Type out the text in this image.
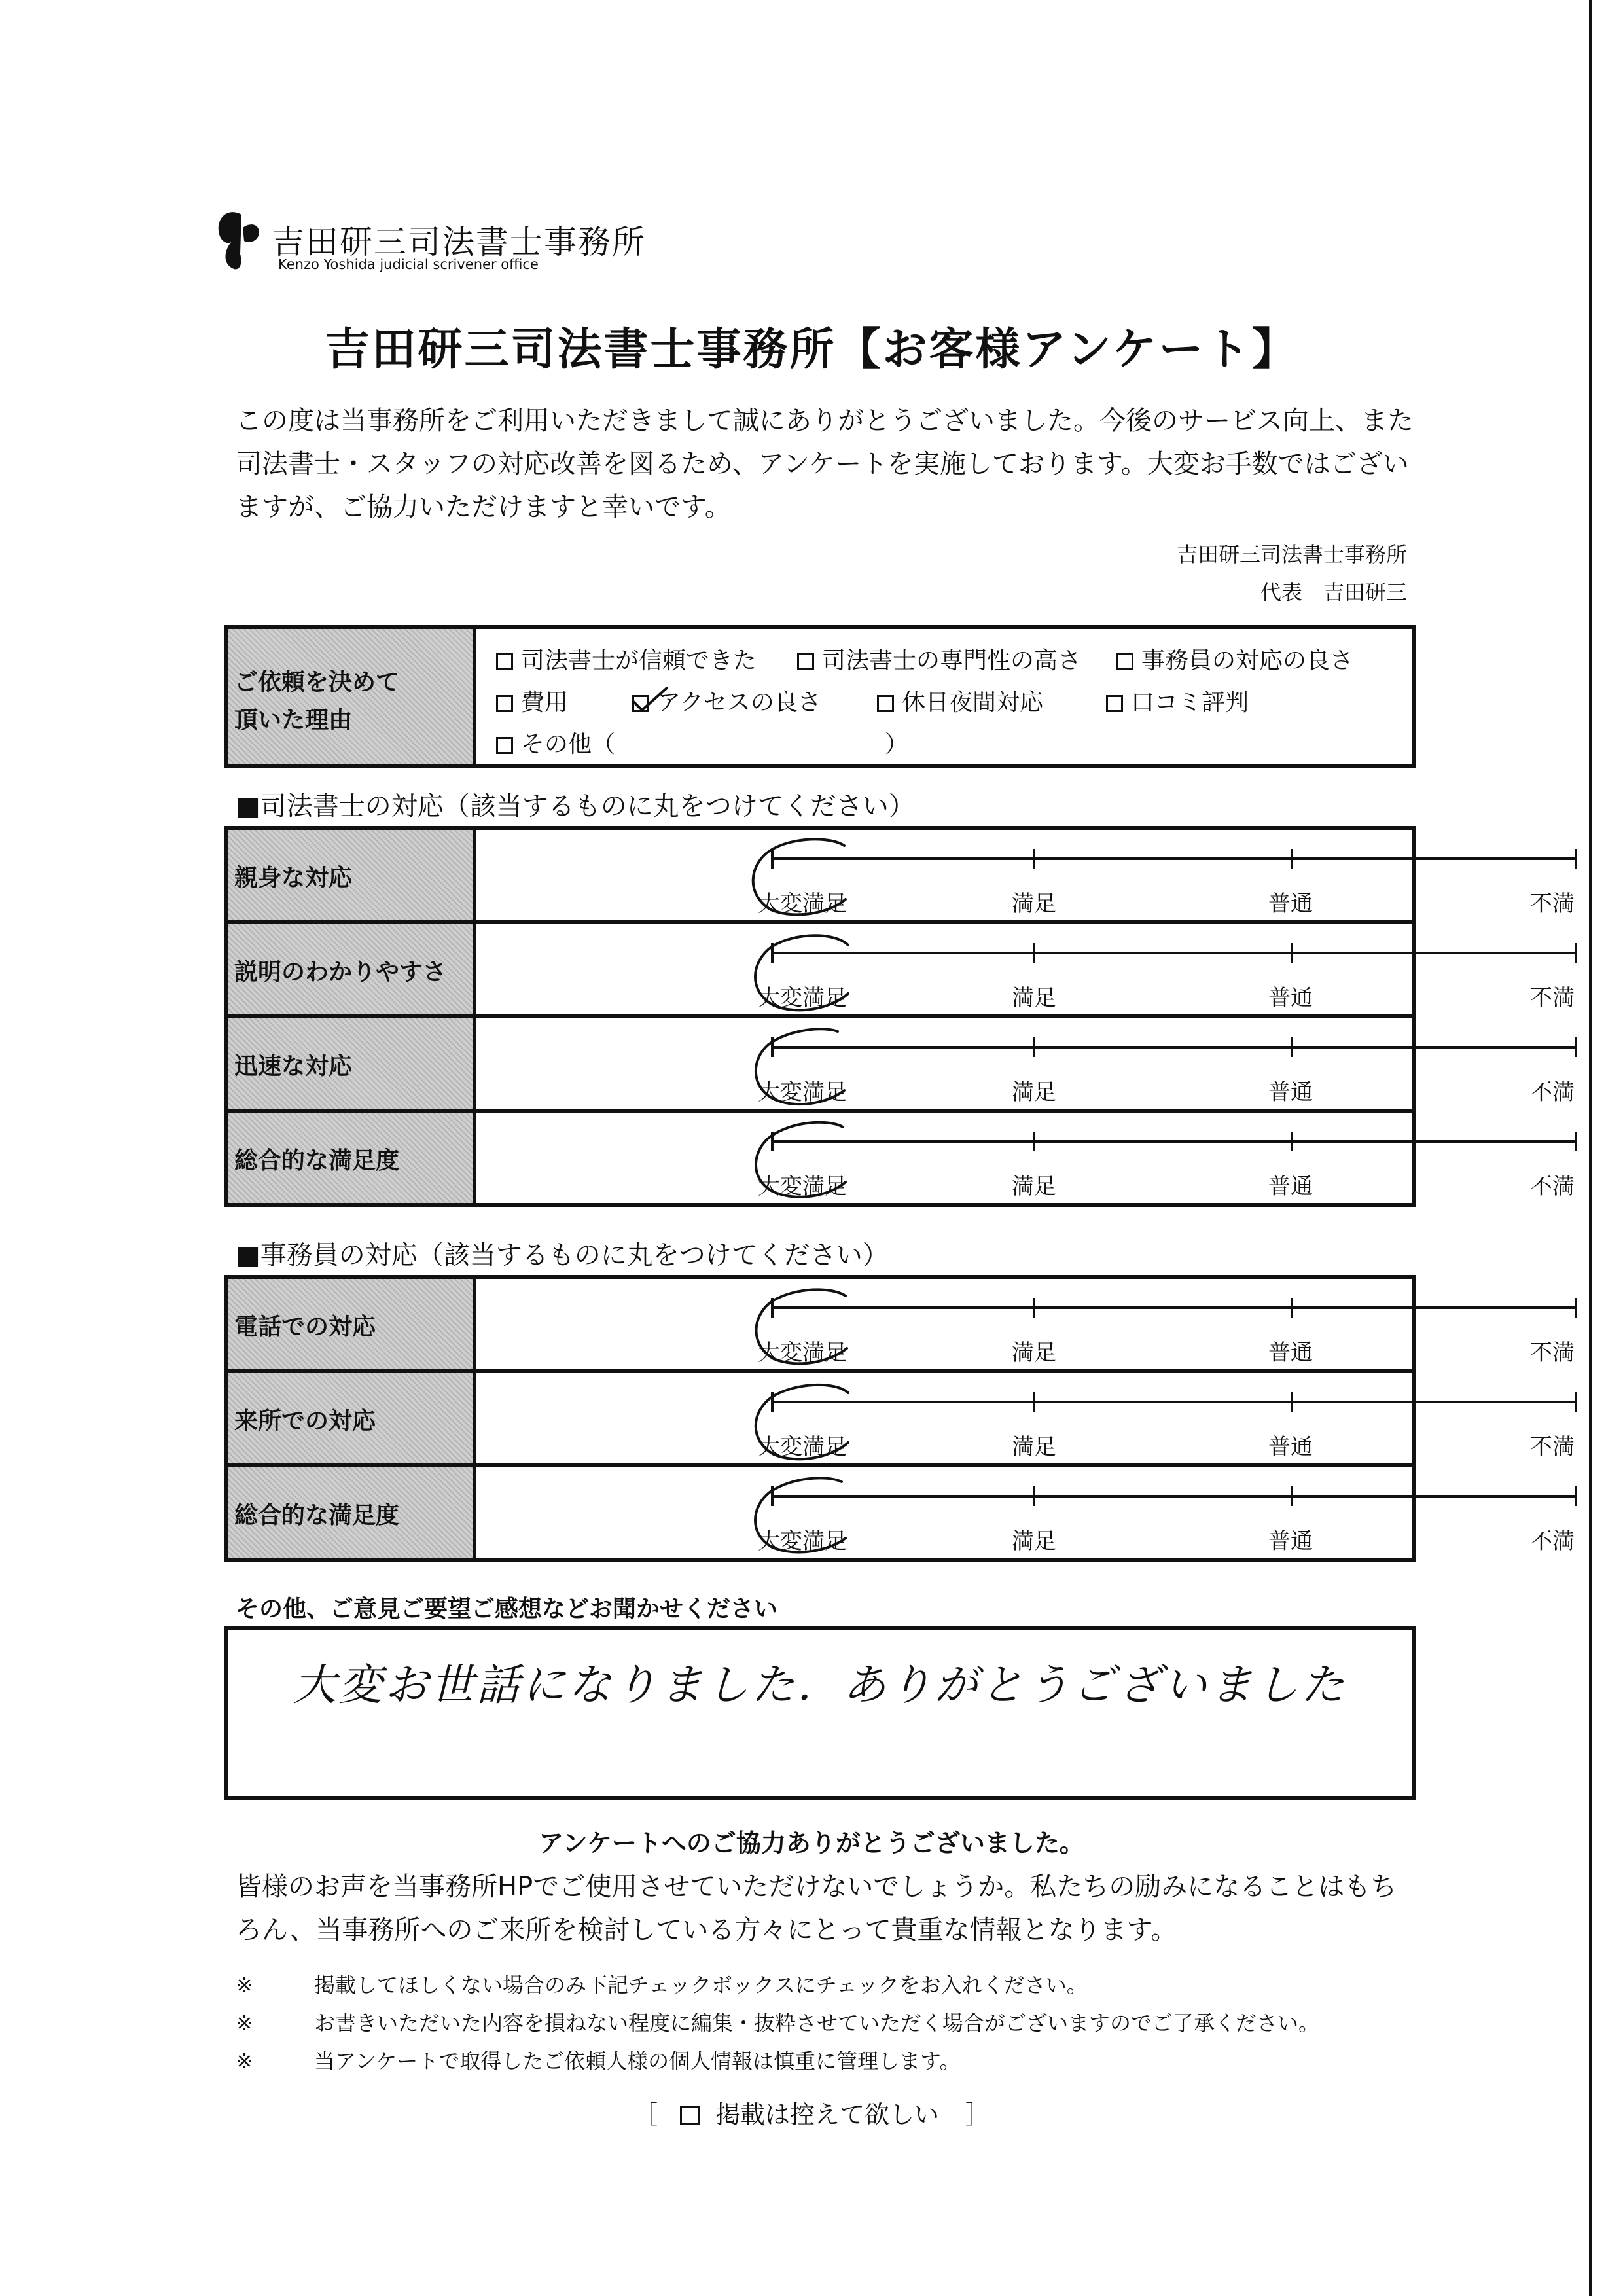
吉田研三司法書士事務所
Kenzo Yoshida judicial scrivener office
吉田研三司法書士事務所【お客様アンケート】
この度は当事務所をご利用いただきまして誠にありがとうございました。今後のサービス向上、また司法書士・スタッフの対応改善を図るため、アンケートを実施しております。大変お手数ではございますが、ご協力いただけますと幸いです。
吉田研三司法書士事務所
代表　吉田研三
ご依頼を決めて
頂いた理由
司法書士が信頼できた	司法書士の専門性の高さ	事務員の対応の良さ
費用	アクセスの良さ	休日夜間対応	口コミ評判
その他（	）
■司法書士の対応（該当するものに丸をつけてください）
親身な対応
大変満足	満足	普通	不満
説明のわかりやすさ
大変満足	満足	普通	不満
迅速な対応
大変満足	満足	普通	不満
総合的な満足度
大変満足	満足	普通	不満
■事務員の対応（該当するものに丸をつけてください）
電話での対応
大変満足	満足	普通	不満
来所での対応
大変満足	満足	普通	不満
総合的な満足度
大変満足	満足	普通	不満
その他、ご意見ご要望ご感想などお聞かせください
大変お世話になりました．ありがとうございました
アンケートへのご協力ありがとうございました。
皆様のお声を当事務所HPでご使用させていただけないでしょうか。私たちの励みになることはもちろん、当事務所へのご来所を検討している方々にとって貴重な情報となります。
※	掲載してほしくない場合のみ下記チェックボックスにチェックをお入れください。
※	お書きいただいた内容を損ねない程度に編集・抜粋させていただく場合がございますのでご了承ください。
※	当アンケートで取得したご依頼人様の個人情報は慎重に管理します。
［ 掲載は控えて欲しい ］
